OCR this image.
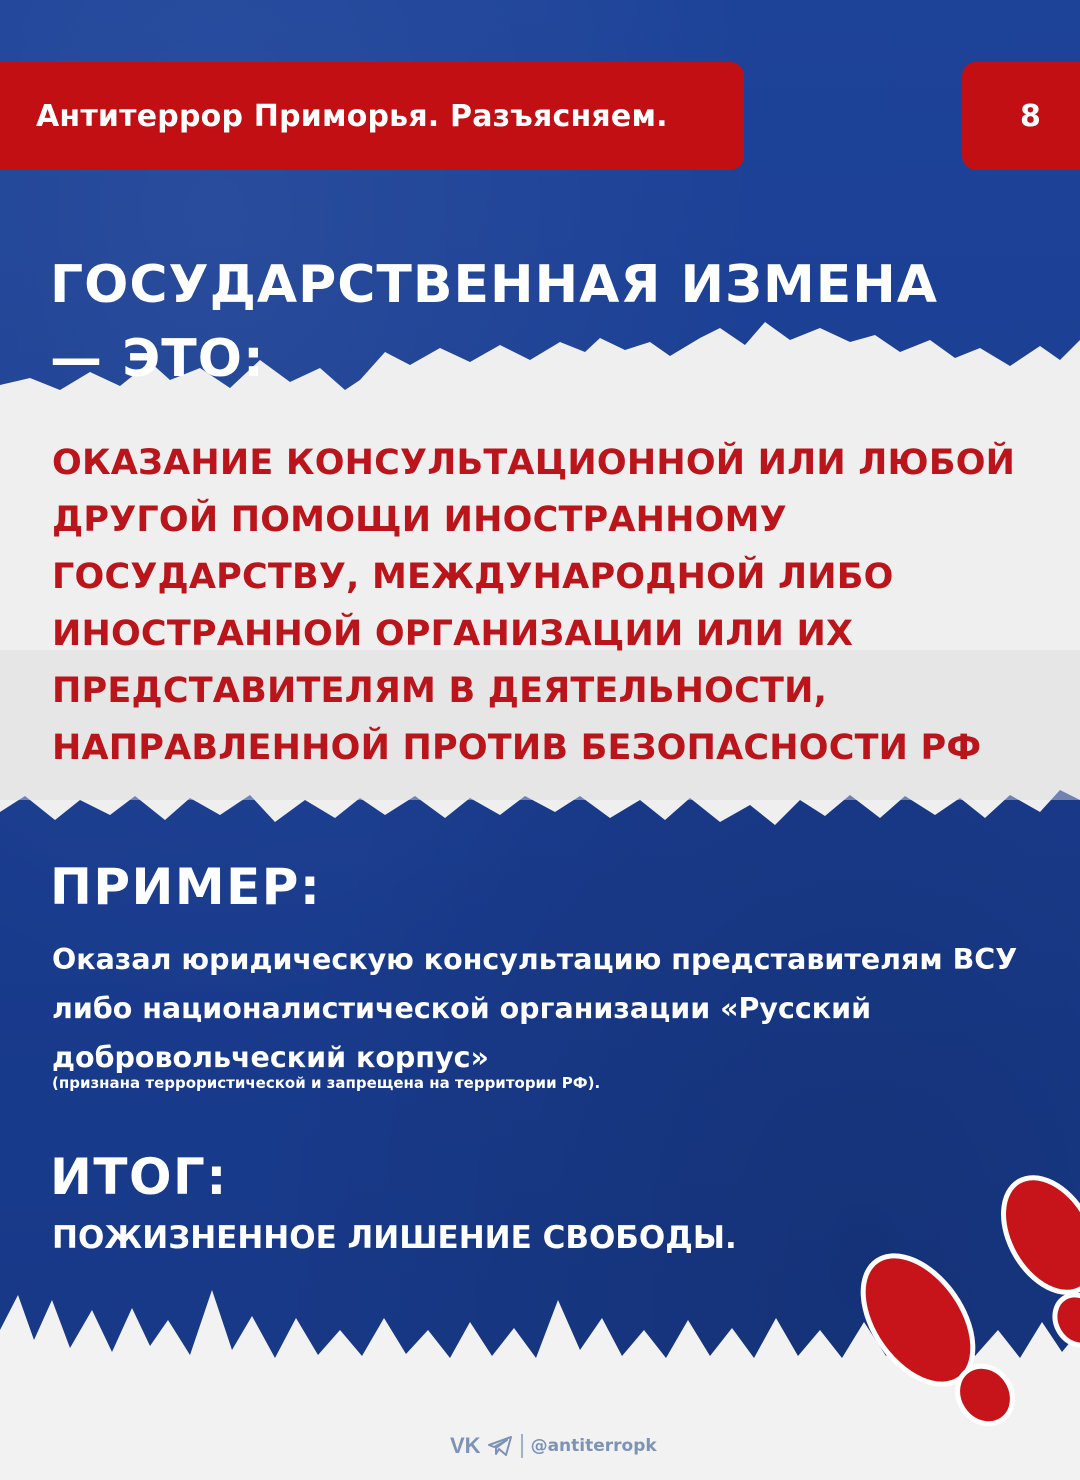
Антитеррор Приморья. Разъясняем.	8
ГОСУДАРСТВЕННАЯ ИЗМЕНА
— ЭТО:
ОКАЗАНИЕ КОНСУЛЬТАЦИОННОЙ ИЛИ ЛЮБОЙ ДРУГОЙ ПОМОЩИ ИНОСТРАННОМУ ГОСУДАРСТВУ, МЕЖДУНАРОДНОЙ ЛИБО ИНОСТРАННОЙ ОРГАНИЗАЦИИ ИЛИ ИХ ПРЕДСТАВИТЕЛЯМ В ДЕЯТЕЛЬНОСТИ, НАПРАВЛЕННОЙ ПРОТИВ БЕЗОПАСНОСТИ РФ
ПРИМЕР:
Оказал юридическую консультацию представителям ВСУ либо националистической организации «Русский добровольческий корпус»
(признана террористической и запрещена на территории РФ).
ИТОГ:
ПОЖИЗНЕННОЕ ЛИШЕНИЕ СВОБОДЫ.
VK	@antiterropk
